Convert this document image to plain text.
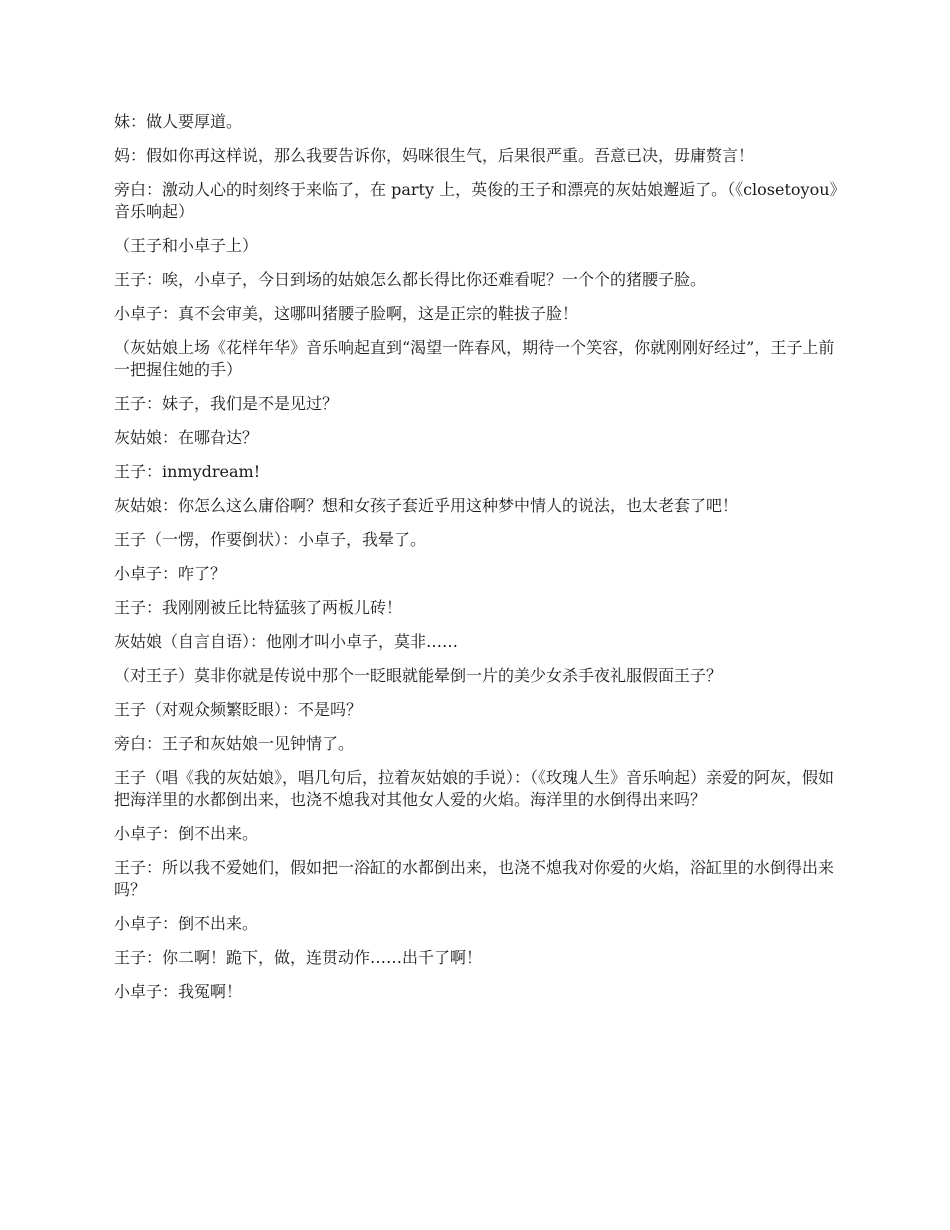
妹：做人要厚道。

妈：假如你再这样说，那么我要告诉你，妈咪很生气，后果很严重。吾意已决，毋庸赘言！

旁白：激动人心的时刻终于来临了，在 party 上，英俊的王子和漂亮的灰姑娘邂逅了。（《closetoyou》音乐响起）

（王子和小卓子上）

王子：唉，小卓子，今日到场的姑娘怎么都长得比你还难看呢？一个个的猪腰子脸。

小卓子：真不会审美，这哪叫猪腰子脸啊，这是正宗的鞋拔子脸！

（灰姑娘上场《花样年华》音乐响起直到“渴望一阵春风，期待一个笑容，你就刚刚好经过”，王子上前一把握住她的手）

王子：妹子，我们是不是见过？

灰姑娘：在哪旮达？

王子：inmydream!

灰姑娘：你怎么这么庸俗啊？想和女孩子套近乎用这种梦中情人的说法，也太老套了吧！

王子（一愣，作要倒状）：小卓子，我晕了。

小卓子：咋了？

王子：我刚刚被丘比特猛骇了两板儿砖！

灰姑娘（自言自语）：他刚才叫小卓子，莫非……

（对王子）莫非你就是传说中那个一眨眼就能晕倒一片的美少女杀手夜礼服假面王子？

王子（对观众频繁眨眼）：不是吗？

旁白：王子和灰姑娘一见钟情了。

王子（唱《我的灰姑娘》，唱几句后，拉着灰姑娘的手说）：（《玫瑰人生》音乐响起）亲爱的阿灰，假如把海洋里的水都倒出来，也浇不熄我对其他女人爱的火焰。海洋里的水倒得出来吗？

小卓子：倒不出来。

王子：所以我不爱她们，假如把一浴缸的水都倒出来，也浇不熄我对你爱的火焰，浴缸里的水倒得出来吗？

小卓子：倒不出来。

王子：你二啊！跪下，做，连贯动作……出千了啊！

小卓子：我冤啊！
